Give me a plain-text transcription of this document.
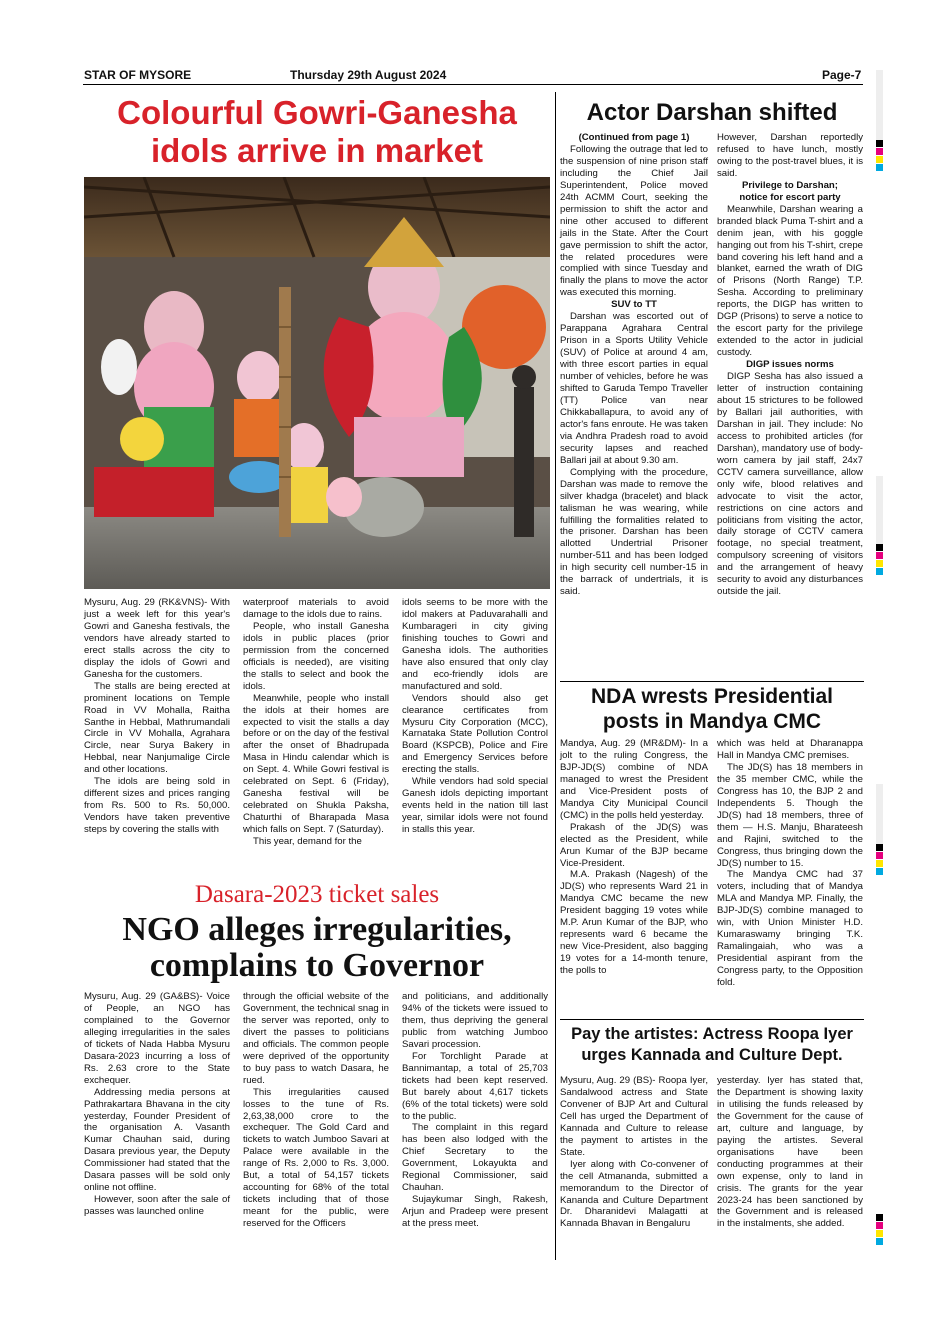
STAR OF MYSORE	Thursday 29th August 2024	Page-7
Colourful Gowri-Ganesha
idols arrive in market

Mysuru, Aug. 29 (RK&VNS)- With just a week left for this year's Gowri and Ganesha festivals, the vendors have already started to erect stalls across the city to display the idols of Gowri and Ganesha for the customers.

The stalls are being erected at prominent locations on Temple Road in VV Mohalla, Raitha Santhe in Hebbal, Mathrumandali Circle in VV Mohalla, Agrahara Circle, near Surya Bakery in Hebbal, near Nanjumalige Circle and other locations.

The idols are being sold in different sizes and prices ranging from Rs. 500 to Rs. 50,000. Vendors have taken preventive steps by covering the stalls with

waterproof materials to avoid damage to the idols due to rains.

People, who install Ganesha idols in public places (prior permission from the concerned officials is needed), are visiting the stalls to select and book the idols.

Meanwhile, people who install the idols at their homes are expected to visit the stalls a day before or on the day of the festival after the onset of Bhadrupada Masa in Hindu calendar which is on Sept. 4. While Gowri festival is celebrated on Sept. 6 (Friday), Ganesha festival will be celebrated on Shukla Paksha, Chaturthi of Bharapada Masa which falls on Sept. 7 (Saturday).

This year, demand for the

idols seems to be more with the idol makers at Paduvarahalli and Kumbarageri in city giving finishing touches to Gowri and Ganesha idols. The authorities have also ensured that only clay and eco-friendly idols are manufactured and sold.

Vendors should also get clearance certificates from Mysuru City Corporation (MCC), Karnataka State Pollution Control Board (KSPCB), Police and Fire and Emergency Services before erecting the stalls.

While vendors had sold special Ganesh idols depicting important events held in the nation till last year, similar idols were not found in stalls this year.

Dasara-2023 ticket sales
NGO alleges irregularities,
complains to Governor

Mysuru, Aug. 29 (GA&BS)- Voice of People, an NGO has complained to the Governor alleging irregularities in the sales of tickets of Nada Habba Mysuru Dasara-2023 incurring a loss of Rs. 2.63 crore to the State exchequer.

Addressing media persons at Pathrakartara Bhavana in the city yesterday, Founder President of the organisation A. Vasanth Kumar Chauhan said, during Dasara previous year, the Deputy Commissioner had stated that the Dasara passes will be sold only online not offline.

However, soon after the sale of passes was launched online

through the official website of the Government, the technical snag in the server was reported, only to divert the passes to politicians and officials. The common people were deprived of the opportunity to buy pass to watch Dasara, he rued.

This irregularities caused losses to the tune of Rs. 2,63,38,000 crore to the exchequer. The Gold Card and tickets to watch Jumboo Savari at Palace were available in the range of Rs. 2,000 to Rs. 3,000. But, a total of 54,157 tickets accounting for 68% of the total tickets including that of those meant for the public, were reserved for the Officers

and politicians, and additionally 94% of the tickets were issued to them, thus depriving the general public from watching Jumboo Savari procession.

For Torchlight Parade at Bannimantap, a total of 25,703 tickets had been kept reserved. But barely about 4,617 tickets (6% of the total tickets) were sold to the public.

The complaint in this regard has been also lodged with the Chief Secretary to the Government, Lokayukta and Regional Commissioner, said Chauhan.

Sujaykumar Singh, Rakesh, Arjun and Pradeep were present at the press meet.

Actor Darshan shifted

(Continued from page 1)

Following the outrage that led to the suspension of nine prison staff including the Chief Jail Superintendent, Police moved 24th ACMM Court, seeking the permission to shift the actor and nine other accused to different jails in the State. After the Court gave permission to shift the actor, the related procedures were complied with since Tuesday and finally the plans to move the actor was executed this morning.

SUV to TT

Darshan was escorted out of Parappana Agrahara Central Prison in a Sports Utility Vehicle (SUV) of Police at around 4 am, with three escort parties in equal number of vehicles, before he was shifted to Garuda Tempo Traveller (TT) Police van near Chikkaballapura, to avoid any of actor's fans enroute. He was taken via Andhra Pradesh road to avoid security lapses and reached Ballari jail at about 9.30 am.

Complying with the procedure, Darshan was made to remove the silver khadga (bracelet) and black talisman he was wearing, while fulfilling the formalities related to the prisoner. Darshan has been allotted Undertrial Prisoner number-511 and has been lodged in high security cell number-15 in the barrack of undertrials, it is said.

However, Darshan reportedly refused to have lunch, mostly owing to the post-travel blues, it is said.

Privilege to Darshan;

notice for escort party

Meanwhile, Darshan wearing a branded black Puma T-shirt and a denim jean, with his goggle hanging out from his T-shirt, crepe band covering his left hand and a blanket, earned the wrath of DIG of Prisons (North Range) T.P. Sesha. According to preliminary reports, the DIGP has written to DGP (Prisons) to serve a notice to the escort party for the privilege extended to the actor in judicial custody.

DIGP issues norms

DIGP Sesha has also issued a letter of instruction containing about 15 strictures to be followed by Ballari jail authorities, with Darshan in jail. They include: No access to prohibited articles (for Darshan), mandatory use of body-worn camera by jail staff, 24x7 CCTV camera surveillance, allow only wife, blood relatives and advocate to visit the actor, restrictions on cine actors and politicians from visiting the actor, daily storage of CCTV camera footage, no special treatment, compulsory screening of visitors and the arrangement of heavy security to avoid any disturbances outside the jail.

NDA wrests Presidential
posts in Mandya CMC

Mandya, Aug. 29 (MR&DM)- In a jolt to the ruling Congress, the BJP-JD(S) combine of NDA managed to wrest the President and Vice-President posts of Mandya City Municipal Council (CMC) in the polls held yesterday.

Prakash of the JD(S) was elected as the President, while Arun Kumar of the BJP became Vice-President.

M.A. Prakash (Nagesh) of the JD(S) who represents Ward 21 in Mandya CMC became the new President bagging 19 votes while M.P. Arun Kumar of the BJP, who represents ward 6 became the new Vice-President, also bagging 19 votes for a 14-month tenure, the polls to

which was held at Dharanappa Hall in Mandya CMC premises.

The JD(S) has 18 members in the 35 member CMC, while the Congress has 10, the BJP 2 and Independents 5. Though the JD(S) had 18 members, three of them — H.S. Manju, Bharateesh and Rajini, switched to the Congress, thus bringing down the JD(S) number to 15.

The Mandya CMC had 37 voters, including that of Mandya MLA and Mandya MP. Finally, the BJP-JD(S) combine managed to win, with Union Minister H.D. Kumaraswamy bringing T.K. Ramalingaiah, who was a Presidential aspirant from the Congress party, to the Opposition fold.

Pay the artistes: Actress Roopa Iyer
urges Kannada and Culture Dept.

Mysuru, Aug. 29 (BS)- Roopa Iyer, Sandalwood actress and State Convener of BJP Art and Cultural Cell has urged the Department of Kannada and Culture to release the payment to artistes in the State.

Iyer along with Co-convener of the cell Atmananda, submitted a memorandum to the Director of Kananda and Culture Department Dr. Dharanidevi Malagatti at Kannada Bhavan in Bengaluru

yesterday. Iyer has stated that, the Department is showing laxity in utilising the funds released by the Government for the cause of art, culture and language, by paying the artistes. Several organisations have been conducting programmes at their own expense, only to land in crisis. The grants for the year 2023-24 has been sanctioned by the Government and is released in the instalments, she added.
